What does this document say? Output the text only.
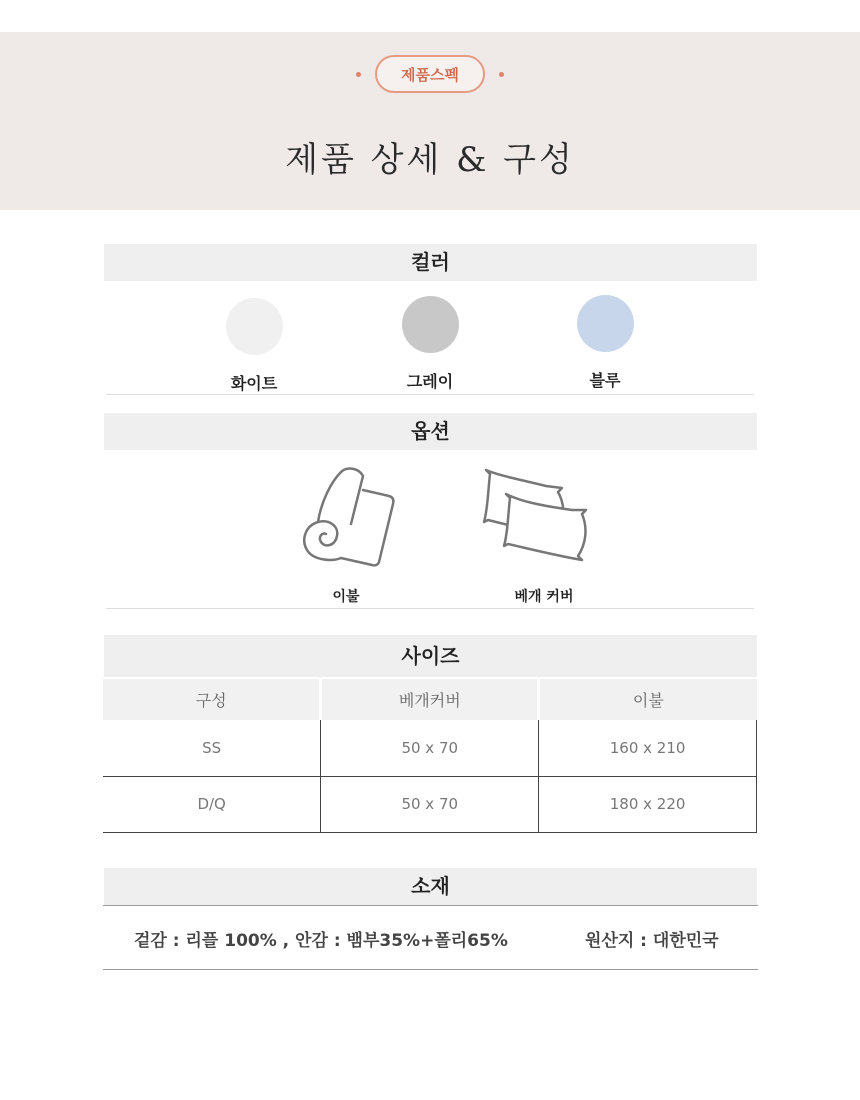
제품스펙
제품 상세 & 구성
컬러
화이트	그레이	블루
옵션
이불	베개 커버
사이즈
구성	베개커버	이불
SS	50 x 70	160 x 210
D/Q	50 x 70	180 x 220
소재
겉감 : 리플 100% , 안감 : 뱀부35%+폴리65%	원산지 : 대한민국
